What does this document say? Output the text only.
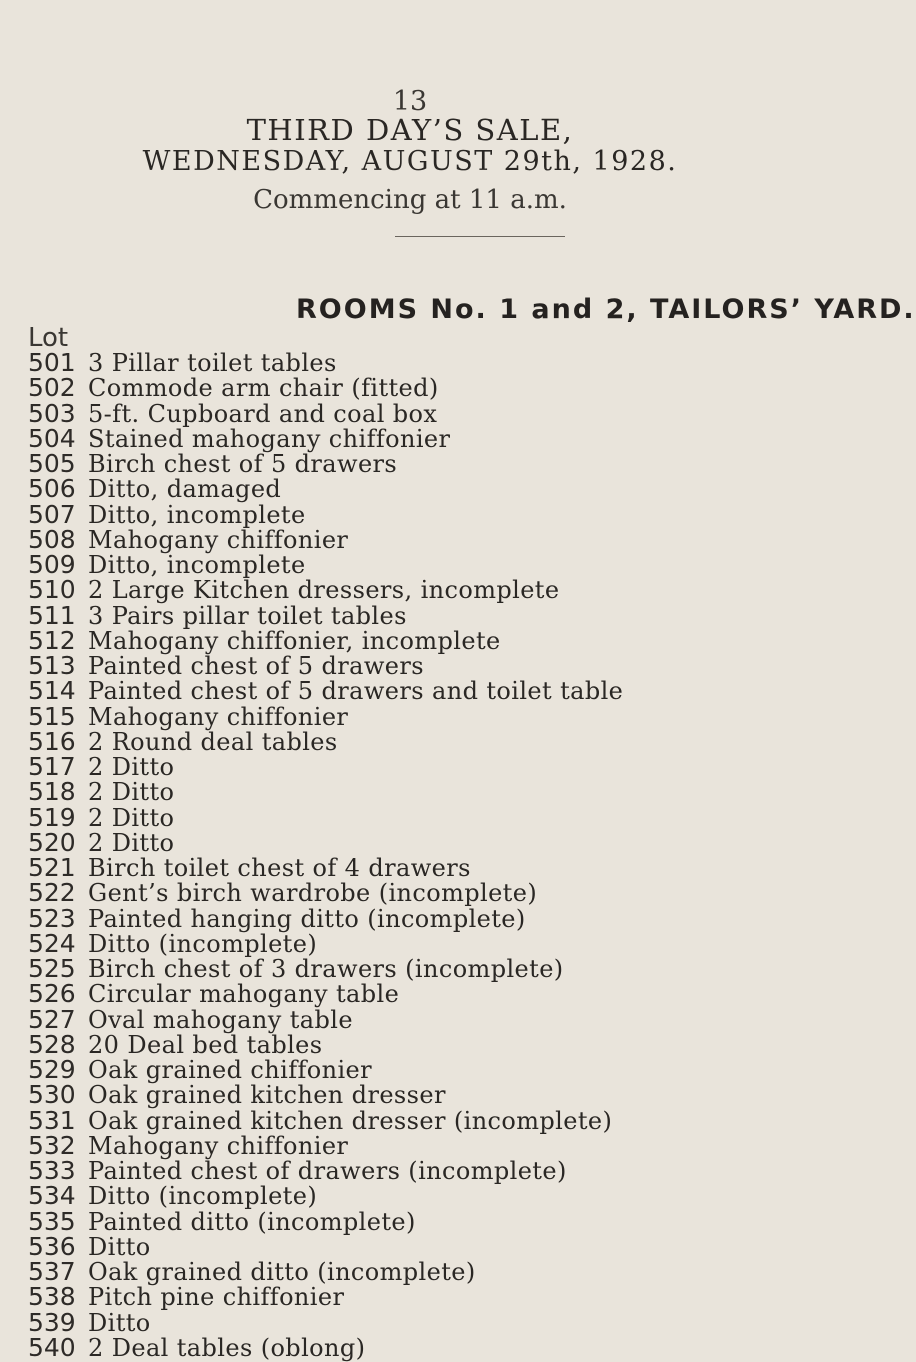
13
THIRD DAY’S SALE,
WEDNESDAY, AUGUST 29th, 1928.
Commencing at 11 a.m.
ROOMS No. 1 and 2, TAILORS’ YARD.
Lot
501 3 Pillar toilet tables
502 Commode arm chair (fitted)
503 5-ft. Cupboard and coal box
504 Stained mahogany chiffonier
505 Birch chest of 5 drawers
506 Ditto, damaged
507 Ditto, incomplete
508 Mahogany chiffonier
509 Ditto, incomplete
510 2 Large Kitchen dressers, incomplete
511 3 Pairs pillar toilet tables
512 Mahogany chiffonier, incomplete
513 Painted chest of 5 drawers
514 Painted chest of 5 drawers and toilet table
515 Mahogany chiffonier
516 2 Round deal tables
517 2 Ditto
518 2 Ditto
519 2 Ditto
520 2 Ditto
521 Birch toilet chest of 4 drawers
522 Gent’s birch wardrobe (incomplete)
523 Painted hanging ditto (incomplete)
524 Ditto (incomplete)
525 Birch chest of 3 drawers (incomplete)
526 Circular mahogany table
527 Oval mahogany table
528 20 Deal bed tables
529 Oak grained chiffonier
530 Oak grained kitchen dresser
531 Oak grained kitchen dresser (incomplete)
532 Mahogany chiffonier
533 Painted chest of drawers (incomplete)
534 Ditto (incomplete)
535 Painted ditto (incomplete)
536 Ditto
537 Oak grained ditto (incomplete)
538 Pitch pine chiffonier
539 Ditto
540 2 Deal tables (oblong)
